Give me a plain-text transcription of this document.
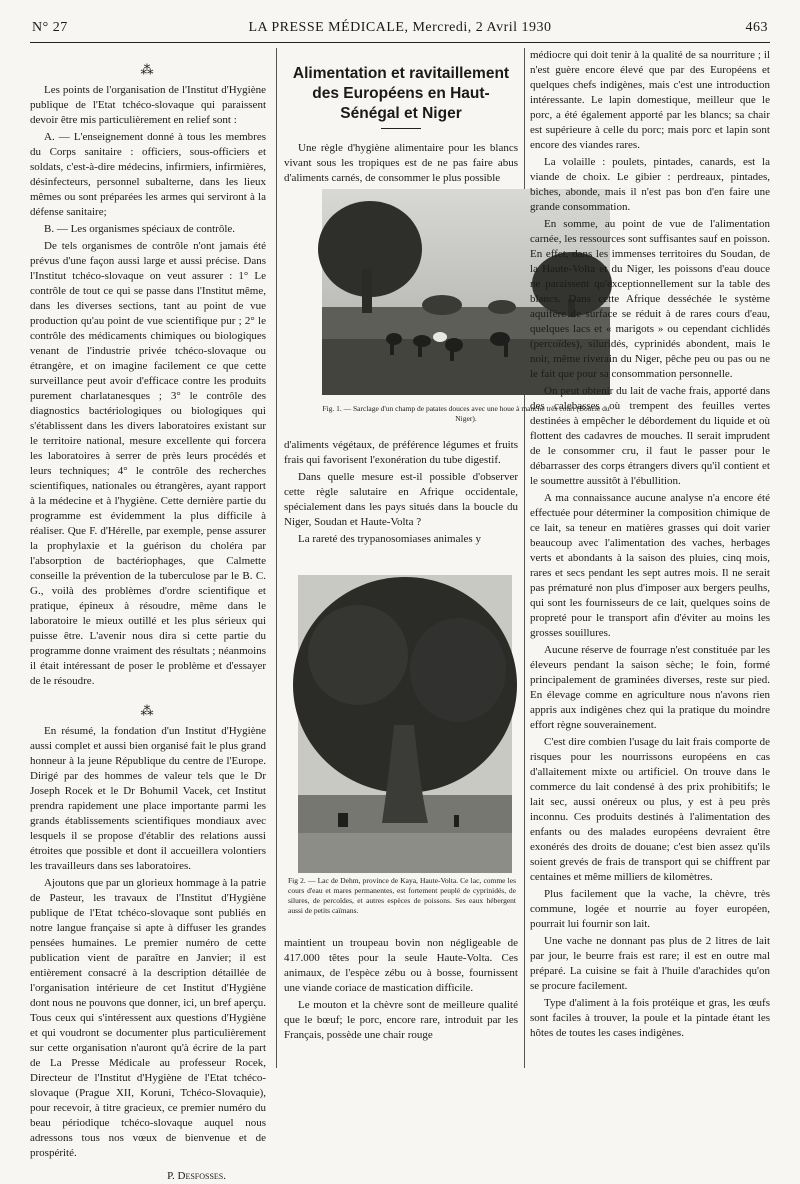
N° 27	LA PRESSE MÉDICALE, Mercredi, 2 Avril 1930	463
⁂

Les points de l'organisation de l'Institut d'Hygiène publique de l'Etat tchéco-slovaque qui paraissent devoir être mis particulièrement en relief sont :

A. — L'enseignement donné à tous les membres du Corps sanitaire : officiers, sous-officiers et soldats, c'est-à-dire médecins, infirmiers, infirmières, désinfecteurs, personnel subalterne, dans les lieux mêmes ou sont préparées les armes qui serviront à la défense sanitaire;

B. — Les organismes spéciaux de contrôle.

De tels organismes de contrôle n'ont jamais été prévus d'une façon aussi large et aussi précise. Dans l'Institut tchéco-slovaque on veut assurer : 1° Le contrôle de tout ce qui se passe dans l'Institut même, dans les diverses sections, tant au point de vue production qu'au point de vue scientifique pur ; 2° le contrôle des médicaments chimiques ou biologiques venant de l'industrie privée tchéco-slovaque ou étrangère, et on imagine facilement ce que cette surveillance peut avoir d'efficace contre les produits purement charlatanesques ; 3° le contrôle des diagnostics bactériologiques ou biologiques qui s'établissent dans les divers laboratoires existant sur le territoire national, mesure excellente qui forcera les laboratoires à serrer de près leurs procédés et leurs techniques; 4° le contrôle des recherches scientifiques, nationales ou étrangères, ayant rapport à la médecine et à l'hygiène. Cette dernière partie du programme est évidemment la plus difficile à réaliser. Que F. d'Hérelle, par exemple, pense assurer la prophylaxie et la guérison du choléra par l'absorption de bactériophages, que Calmette conseille la prévention de la tuberculose par le B. C. G., voilà des problèmes d'ordre scientifique et pratique, épineux à résoudre, même dans le laboratoire le mieux outillé et les plus sérieux qui puisse être. L'avenir nous dira si cette partie du programme donne vraiment des résultats ; néanmoins il était intéressant de poser le problème et d'essayer de le résoudre.

⁂

En résumé, la fondation d'un Institut d'Hygiène aussi complet et aussi bien organisé fait le plus grand honneur à la jeune République du centre de l'Europe. Dirigé par des hommes de valeur tels que le Dr Joseph Rocek et le Dr Bohumil Vacek, cet Institut prendra rapidement une place importante parmi les grands établissements scientifiques mondiaux avec lesquels il se propose d'établir des relations aussi étroites que possible et dont il accueillera volontiers les travailleurs dans ses laboratoires.

Ajoutons que par un glorieux hommage à la patrie de Pasteur, les travaux de l'Institut d'Hygiène publique de l'Etat tchéco-slovaque sont publiés en notre langue française si apte à diffuser les grandes pensées humaines. Le premier numéro de cette publication vient de paraître en Janvier; il est entièrement consacré à la description détaillée de l'organisation intérieure de cet Institut d'Hygiène dont nous ne pouvons que donner, ici, un bref aperçu. Tous ceux qui s'intéressent aux questions d'Hygiène et qui voudront se documenter plus particulièrement sur cette organisation n'auront qu'à écrire de la part de La Presse Médicale au professeur Rocek, Directeur de l'Institut d'Hygiène de l'Etat tchéco-slovaque (Prague XII, Koruni, Tchéco-Slovaquie), pour recevoir, à titre gracieux, ce premier numéro du beau périodique tchéco-slovaque auquel nous adressons tous nos vœux de bienvenue et de prospérité.

P. Desfosses.
Alimentation et ravitaillement des Européens en Haut-Sénégal et Niger

Une règle d'hygiène alimentaire pour les blancs vivant sous les tropiques est de ne pas faire abus d'aliments carnés, de consommer le plus possible

Fig. 1. — Sarclage d'un champ de patates douces avec une houe à manche très court (Boucle du Niger).

d'aliments végétaux, de préférence légumes et fruits frais qui favorisent l'exonération du tube digestif.

Dans quelle mesure est-il possible d'observer cette règle salutaire en Afrique occidentale, spécialement dans les pays situés dans la boucle du Niger, Soudan et Haute-Volta ?

La rareté des trypanosomiases animales y

Fig 2. — Lac de Dehm, province de Kaya, Haute-Volta. Ce lac, comme les cours d'eau et mares permanentes, est fortement peuplé de cyprinidés, de silures, de percoïdes, et autres espèces de poissons. Ses eaux hébergent aussi de petits caïmans.

maintient un troupeau bovin non négligeable de 417.000 têtes pour la seule Haute-Volta. Ces animaux, de l'espèce zébu ou à bosse, fournissent une viande coriace de mastication difficile.

Le mouton et la chèvre sont de meilleure qualité que le bœuf; le porc, encore rare, introduit par les Français, possède une chair rouge

médiocre qui doit tenir à la qualité de sa nourriture ; il n'est guère encore élevé que par des Européens et quelques chefs indigènes, mais c'est une introduction intéressante. Le lapin domestique, meilleur que le porc, a été également apporté par les blancs; sa chair est supérieure à celle du porc; mais porc et lapin sont encore des viandes rares.

La volaille : poulets, pintades, canards, est la viande de choix. Le gibier : perdreaux, pintades, biches, abonde, mais il n'est pas bon d'en faire une grande consommation.

En somme, au point de vue de l'alimentation carnée, les ressources sont suffisantes sauf en poisson. En effet, dans les immenses territoires du Soudan, de la Haute-Volta et du Niger, les poissons d'eau douce ne paraissent qu'exceptionnellement sur la table des blancs. Dans cette Afrique desséchée le système aquifère de surface se réduit à de rares cours d'eau, quelques lacs et « marigots » ou cependant cichlidés (percoïdes), siluridés, cyprinidés abondent, mais le noir, même riverain du Niger, pêche peu ou pas ou ne le fait que pour sa consommation personnelle.

On peut obtenir du lait de vache frais, apporté dans des calebasses où trempent des feuilles vertes destinées à empêcher le débordement du liquide et où flottent des cadavres de mouches. Il serait imprudent de le consommer cru, il faut le passer pour le débarrasser des corps étrangers divers qu'il contient et le soumettre aussitôt à l'ébullition.

A ma connaissance aucune analyse n'a encore été effectuée pour déterminer la composition chimique de ce lait, sa teneur en matières grasses qui doit varier beaucoup avec l'alimentation des vaches, herbages verts et abondants à la saison des pluies, cinq mois, rares et secs pendant les sept autres mois. Il ne serait pas prématuré non plus d'imposer aux bergers peulhs, qui sont les fournisseurs de ce lait, quelques soins de propreté pour le transport afin d'éviter au moins les grosses souillures.

Aucune réserve de fourrage n'est constituée par les éleveurs pendant la saison sèche; le foin, formé principalement de graminées diverses, reste sur pied. En élevage comme en agriculture nous n'avons rien appris aux indigènes chez qui la pratique du moindre effort règne souverainement.

C'est dire combien l'usage du lait frais comporte de risques pour les nourrissons européens en cas d'allaitement mixte ou artificiel. On trouve dans le commerce du lait condensé à des prix prohibitifs; le lait sec, aussi onéreux ou plus, y est à peu près inconnu. Ces produits destinés à l'alimentation des enfants ou des malades européens devraient être exonérés des droits de douane; c'est bien assez qu'ils soient grevés de frais de transport qui se chiffrent par centaines et même milliers de kilomètres.

Plus facilement que la vache, la chèvre, très commune, logée et nourrie au foyer européen, pourrait lui fournir son lait.

Une vache ne donnant pas plus de 2 litres de lait par jour, le beurre frais est rare; il est en outre mal préparé. La cuisine se fait à l'huile d'arachides qu'on se procure facilement.

Type d'aliment à la fois protéique et gras, les œufs sont faciles à trouver, la poule et la pintade étant les hôtes de toutes les cases indigènes.
